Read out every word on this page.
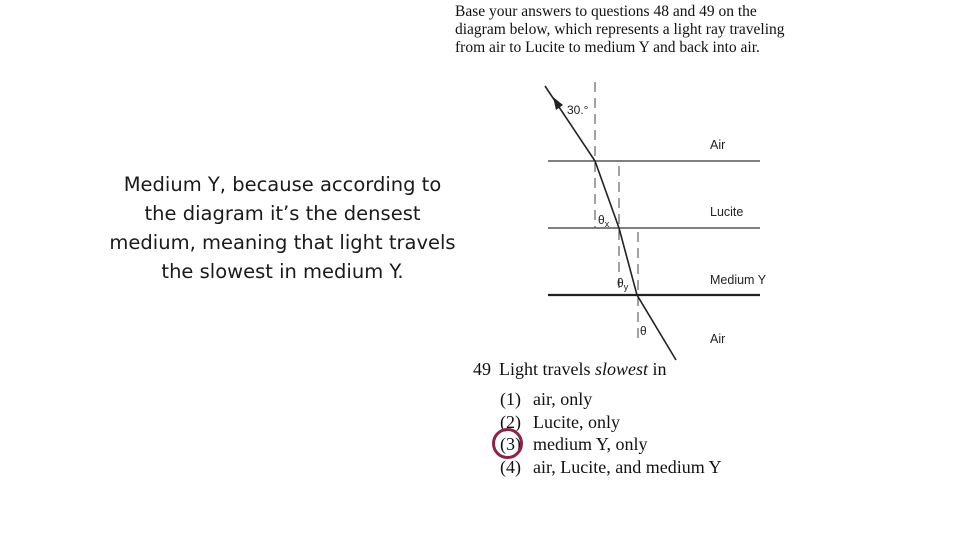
Medium Y, because according to
the diagram it’s the densest
medium, meaning that light travels
the slowest in medium Y.
Base your answers to questions 48 and 49 on the
diagram below, which represents a light ray traveling
from air to Lucite to medium Y and back into air.
30.°
$\theta_x$
$\theta_y$
θ
Air
Lucite
Medium Y
Air
49 Light travels slowest in
(1) air, only
(2) Lucite, only
(3) medium Y, only
(4) air, Lucite, and medium Y
